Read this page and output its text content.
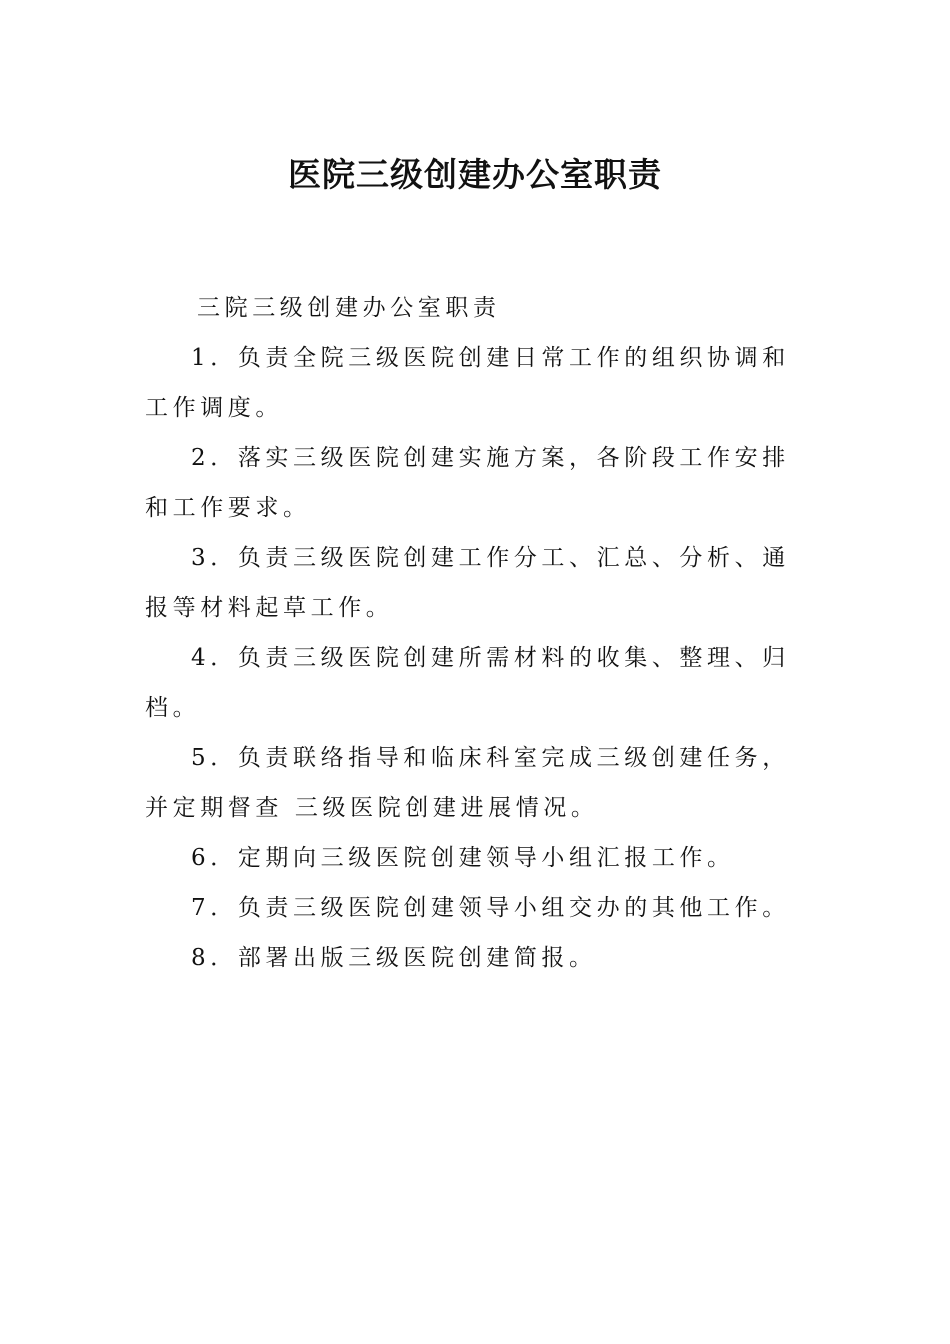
医院三级创建办公室职责

三院三级创建办公室职责

1．负责全院三级医院创建日常工作的组织协调和工作调度。

2．落实三级医院创建实施方案，各阶段工作安排和工作要求。

3．负责三级医院创建工作分工、汇总、分析、通报等材料起草工作。

4．负责三级医院创建所需材料的收集、整理、归档。

5．负责联络指导和临床科室完成三级创建任务，并定期督查 三级医院创建进展情况。

6．定期向三级医院创建领导小组汇报工作。

7．负责三级医院创建领导小组交办的其他工作。

8．部署出版三级医院创建简报。
